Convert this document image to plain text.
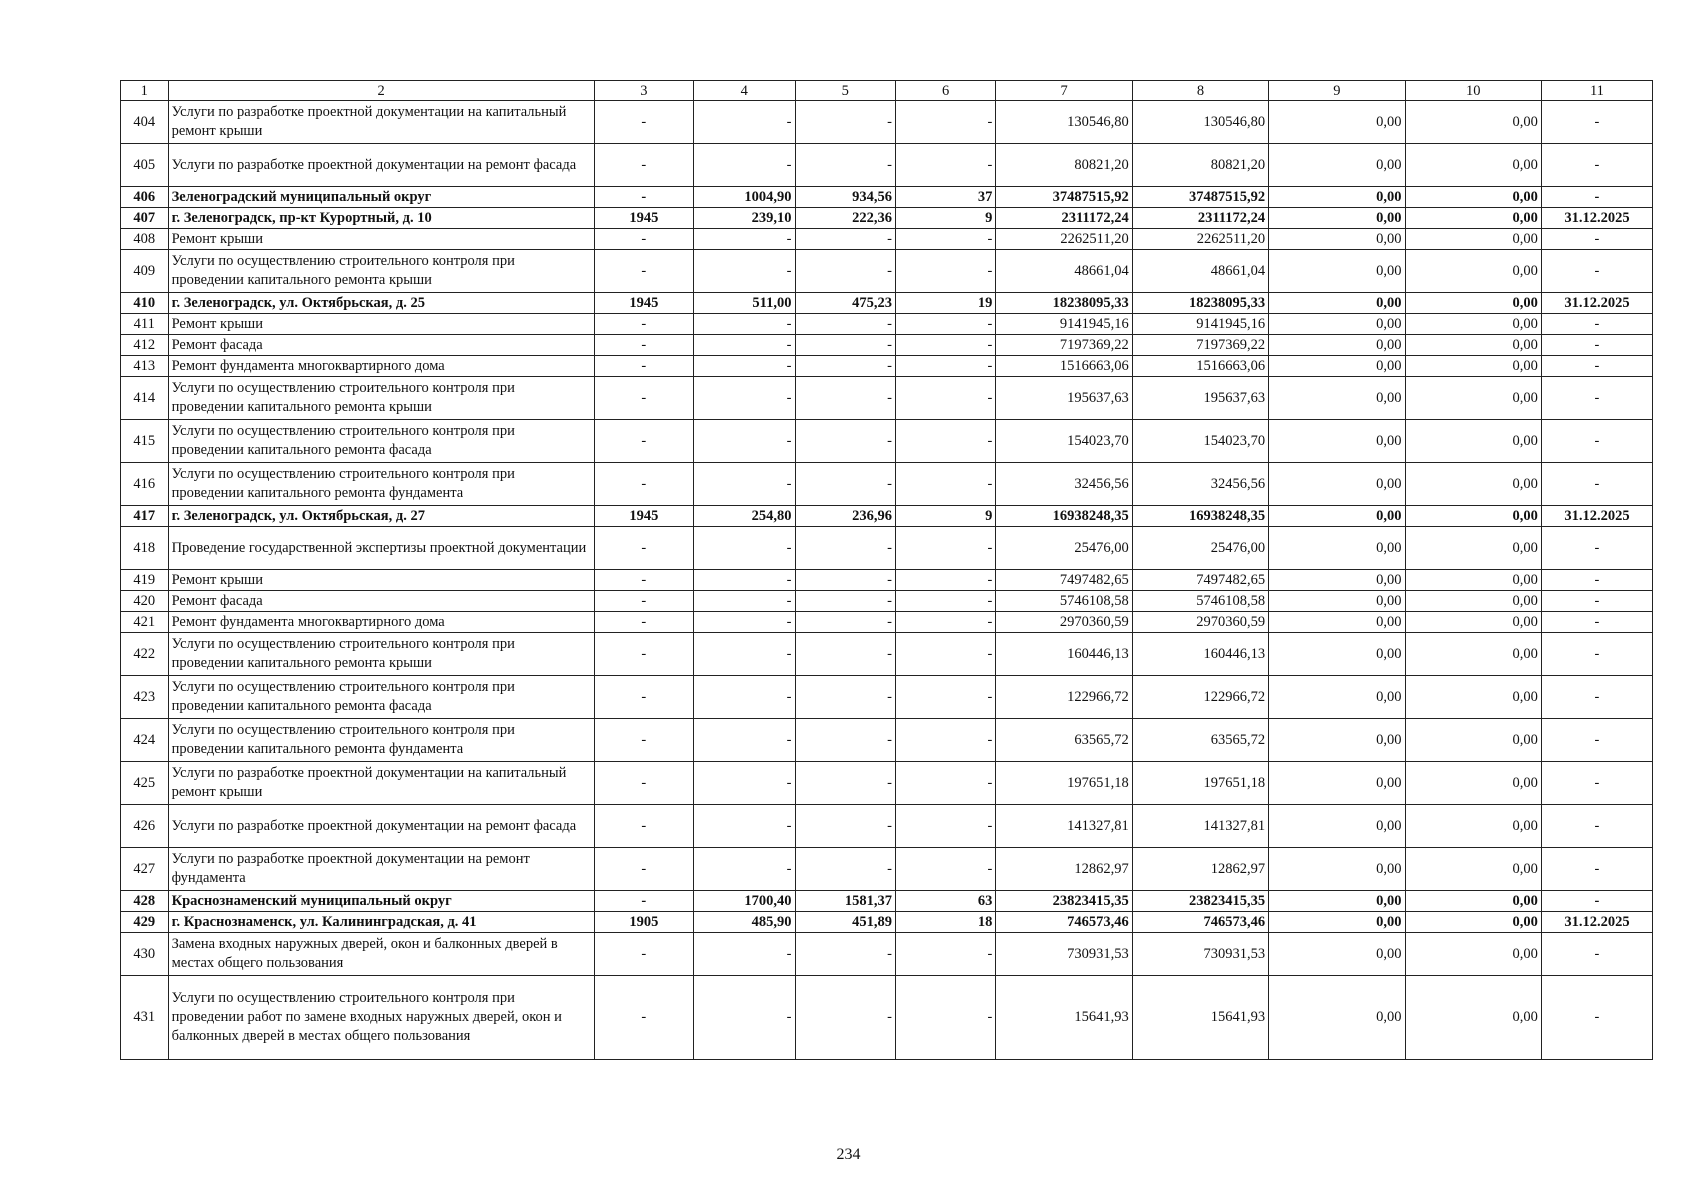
1	2	3	4	5	6	7	8	9	10	11
404	Услуги по разработке проектной документации на капитальный ремонт крыши	-	-	-	-	130546,80	130546,80	0,00	0,00	-
405	Услуги по разработке проектной документации на ремонт фасада	-	-	-	-	80821,20	80821,20	0,00	0,00	-
406	Зеленоградский муниципальный округ	-	1004,90	934,56	37	37487515,92	37487515,92	0,00	0,00	-
407	г. Зеленоградск, пр-кт Курортный, д. 10	1945	239,10	222,36	9	2311172,24	2311172,24	0,00	0,00	31.12.2025
408	Ремонт крыши	-	-	-	-	2262511,20	2262511,20	0,00	0,00	-
409	Услуги по осуществлению строительного контроля при проведении капитального ремонта крыши	-	-	-	-	48661,04	48661,04	0,00	0,00	-
410	г. Зеленоградск, ул. Октябрьская, д. 25	1945	511,00	475,23	19	18238095,33	18238095,33	0,00	0,00	31.12.2025
411	Ремонт крыши	-	-	-	-	9141945,16	9141945,16	0,00	0,00	-
412	Ремонт фасада	-	-	-	-	7197369,22	7197369,22	0,00	0,00	-
413	Ремонт фундамента многоквартирного дома	-	-	-	-	1516663,06	1516663,06	0,00	0,00	-
414	Услуги по осуществлению строительного контроля при проведении капитального ремонта крыши	-	-	-	-	195637,63	195637,63	0,00	0,00	-
415	Услуги по осуществлению строительного контроля при проведении капитального ремонта фасада	-	-	-	-	154023,70	154023,70	0,00	0,00	-
416	Услуги по осуществлению строительного контроля при проведении капитального ремонта фундамента	-	-	-	-	32456,56	32456,56	0,00	0,00	-
417	г. Зеленоградск, ул. Октябрьская, д. 27	1945	254,80	236,96	9	16938248,35	16938248,35	0,00	0,00	31.12.2025
418	Проведение государственной экспертизы проектной документации	-	-	-	-	25476,00	25476,00	0,00	0,00	-
419	Ремонт крыши	-	-	-	-	7497482,65	7497482,65	0,00	0,00	-
420	Ремонт фасада	-	-	-	-	5746108,58	5746108,58	0,00	0,00	-
421	Ремонт фундамента многоквартирного дома	-	-	-	-	2970360,59	2970360,59	0,00	0,00	-
422	Услуги по осуществлению строительного контроля при проведении капитального ремонта крыши	-	-	-	-	160446,13	160446,13	0,00	0,00	-
423	Услуги по осуществлению строительного контроля при проведении капитального ремонта фасада	-	-	-	-	122966,72	122966,72	0,00	0,00	-
424	Услуги по осуществлению строительного контроля при проведении капитального ремонта фундамента	-	-	-	-	63565,72	63565,72	0,00	0,00	-
425	Услуги по разработке проектной документации на капитальный ремонт крыши	-	-	-	-	197651,18	197651,18	0,00	0,00	-
426	Услуги по разработке проектной документации на ремонт фасада	-	-	-	-	141327,81	141327,81	0,00	0,00	-
427	Услуги по разработке проектной документации на ремонт фундамента	-	-	-	-	12862,97	12862,97	0,00	0,00	-
428	Краснознаменский муниципальный округ	-	1700,40	1581,37	63	23823415,35	23823415,35	0,00	0,00	-
429	г. Краснознаменск, ул. Калининградская, д. 41	1905	485,90	451,89	18	746573,46	746573,46	0,00	0,00	31.12.2025
430	Замена входных наружных дверей, окон и балконных дверей в местах общего пользования	-	-	-	-	730931,53	730931,53	0,00	0,00	-
431	Услуги по осуществлению строительного контроля при проведении работ по замене входных наружных дверей, окон и балконных дверей в местах общего пользования	-	-	-	-	15641,93	15641,93	0,00	0,00	-
234
